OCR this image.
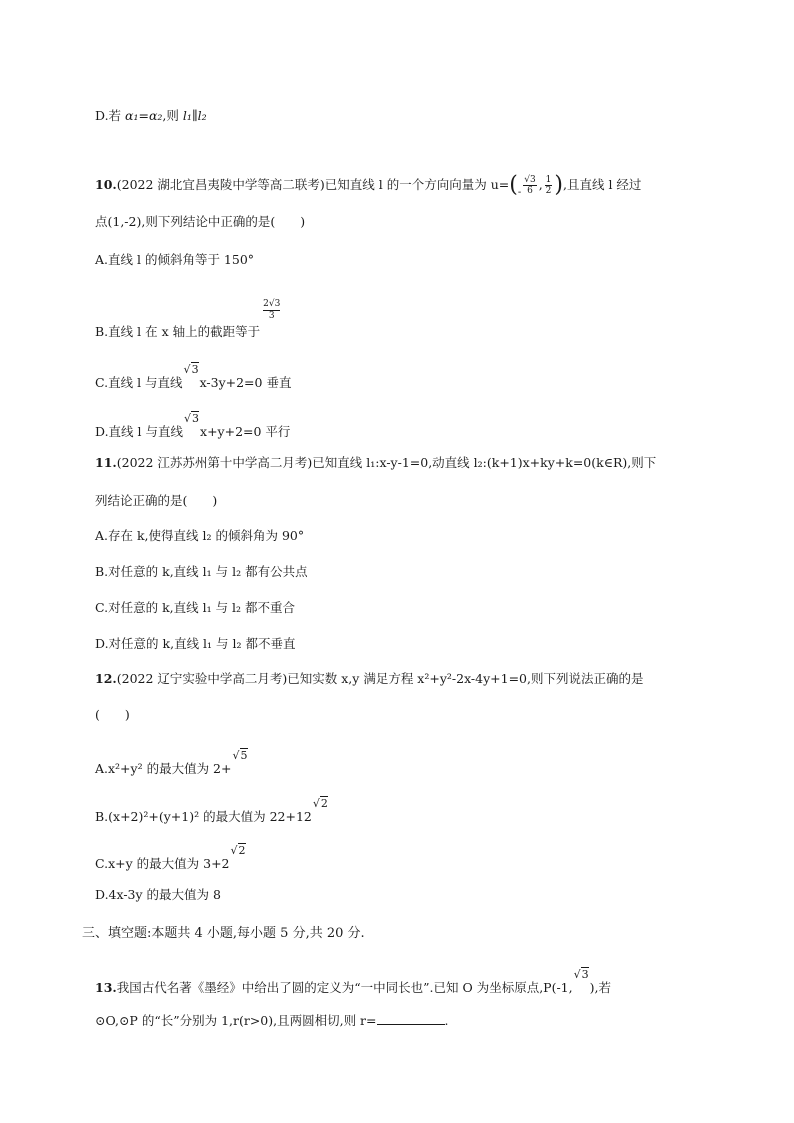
D.若 α₁=α₂,则 l₁∥l₂
10.(2022 湖北宜昌夷陵中学等高二联考)已知直线 l 的一个方向向量为 $u=(_- \frac{√3}{6}$ , $\frac{1}{2}$ ),且直线 l 经过
点(1,-2),则下列结论中正确的是(　　)
A.直线 l 的倾斜角等于 150°
B.直线 l 在 x 轴上的截距等于
$\frac{2√3}{3}$
C.直线 l 与直线√3x-3y+2=0 垂直
D.直线 l 与直线√3x+y+2=0 平行
11.(2022 江苏苏州第十中学高二月考)已知直线 l₁:x-y-1=0,动直线 l₂:(k+1)x+ky+k=0(k∈R),则下
列结论正确的是(　　)
A.存在 k,使得直线 l₂ 的倾斜角为 90°
B.对任意的 k,直线 l₁ 与 l₂ 都有公共点
C.对任意的 k,直线 l₁ 与 l₂ 都不重合
D.对任意的 k,直线 l₁ 与 l₂ 都不垂直
12.(2022 辽宁实验中学高二月考)已知实数 x,y 满足方程 x²+y²-2x-4y+1=0,则下列说法正确的是
(　　)
A.x²+y² 的最大值为 2+√5
B.(x+2)²+(y+1)² 的最大值为 22+12√2
C.x+y 的最大值为 3+2√2
D.4x-3y 的最大值为 8
三、填空题:本题共 4 小题,每小题 5 分,共 20 分.
13.我国古代名著《墨经》中给出了圆的定义为“一中同长也”.已知 O 为坐标原点,P(-1,√3),若
⊙O,⊙P 的“长”分别为 1,r(r>0),且两圆相切,则 r=	.
